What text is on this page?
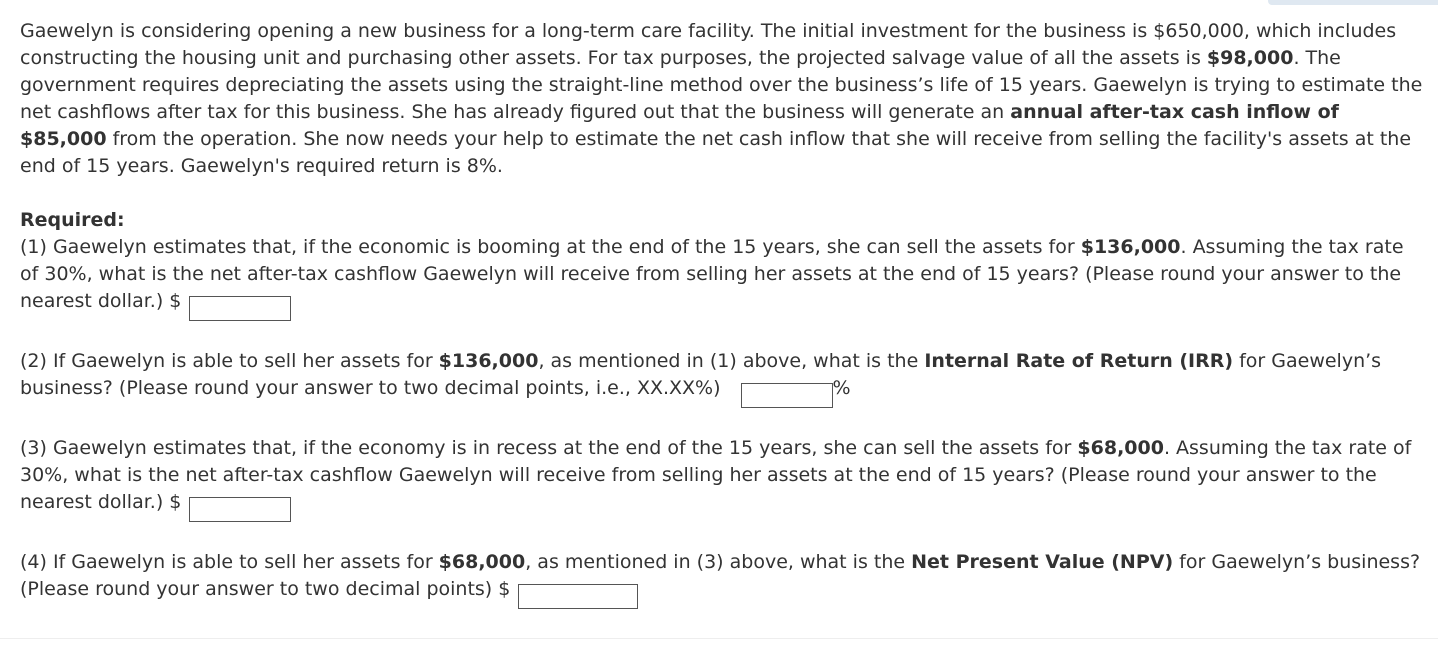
Gaewelyn is considering opening a new business for a long-term care facility. The initial investment for the business is $650,000, which includes constructing the housing unit and purchasing other assets. For tax purposes, the projected salvage value of all the assets is $98,000. The government requires depreciating the assets using the straight-line method over the business’s life of 15 years. Gaewelyn is trying to estimate the net cashflows after tax for this business. She has already figured out that the business will generate an annual after-tax cash inflow of $85,000 from the operation. She now needs your help to estimate the net cash inflow that she will receive from selling the facility's assets at the end of 15 years. Gaewelyn's required return is 8%.

Required:

(1) Gaewelyn estimates that, if the economic is booming at the end of the 15 years, she can sell the assets for $136,000. Assuming the tax rate of 30%, what is the net after-tax cashflow Gaewelyn will receive from selling her assets at the end of 15 years? (Please round your answer to the nearest dollar.) $

(2) If Gaewelyn is able to sell her assets for $136,000, as mentioned in (1) above, what is the Internal Rate of Return (IRR) for Gaewelyn’s business? (Please round your answer to two decimal points, i.e., XX.XX%)	%

(3) Gaewelyn estimates that, if the economy is in recess at the end of the 15 years, she can sell the assets for $68,000. Assuming the tax rate of 30%, what is the net after-tax cashflow Gaewelyn will receive from selling her assets at the end of 15 years? (Please round your answer to the nearest dollar.) $

(4) If Gaewelyn is able to sell her assets for $68,000, as mentioned in (3) above, what is the Net Present Value (NPV) for Gaewelyn’s business? (Please round your answer to two decimal points) $
